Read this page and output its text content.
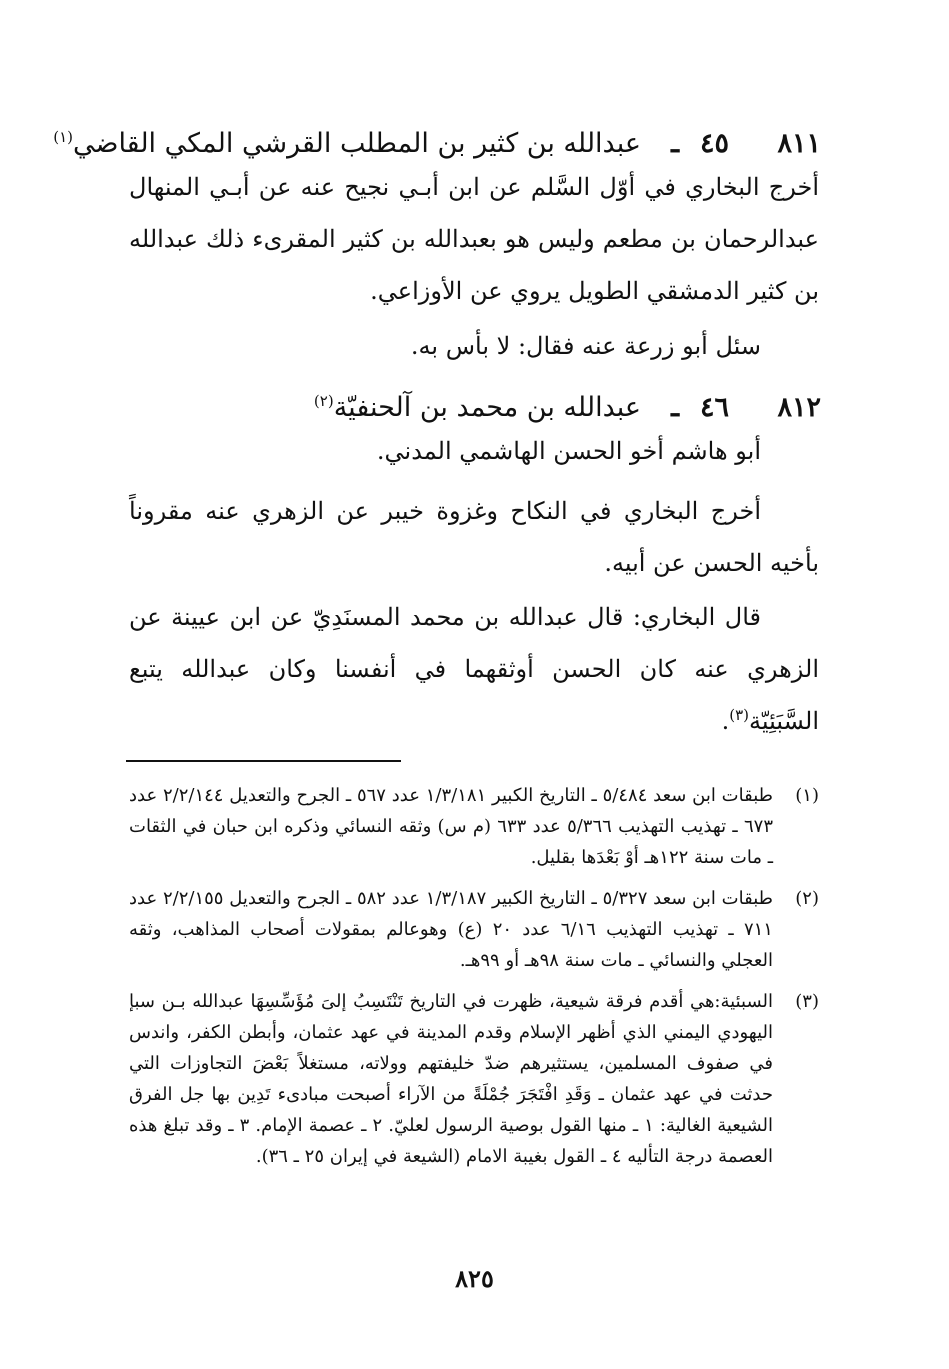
٨١١
٤٥
ـ
عبدالله بن كثير بن المطلب القرشي المكي القاضي$^{(١)}$

أخرج البخاري في أوّل السَّلم عن ابن أبـي نجيح عنه عن أبـي المنهال عبدالرحمان بن مطعم وليس هو بعبدالله بن كثير المقرىء ذلك عبدالله بن كثير الدمشقي الطويل يروي عن الأوزاعي.

سئل أبو زرعة عنه فقال: لا بأس به.

٨١٢
٤٦
ـ
عبدالله بن محمد بن آلحنفيّة$^{(٢)}$

أبو هاشم أخو الحسن الهاشمي المدني.

أخرج البخاري في النكاح وغزوة خيبر عن الزهري عنه مقروناً بأخيه الحسن عن أبيه.

قال البخاري: قال عبدالله بن محمد المسنَدِيّ عن ابن عيينة عن الزهري عنه كان الحسن أوثقهما في أنفسنا وكان عبدالله يتبع السَّبَئِيّة$^{(٣)}$.

(١)
طبقات ابن سعد ٥/٤٨٤ ـ التاريخ الكبير ١/٣/١٨١ عدد ٥٦٧ ـ الجرح والتعديل ٢/٢/١٤٤ عدد ٦٧٣ ـ تهذيب التهذيب ٥/٣٦٦ عدد ٦٣٣ (م س) وثقه النسائي وذكره ابن حبان في الثقات ـ مات سنة ١٢٢هـ أوْ بَعْدَها بقليل.
(٢)
طبقات ابن سعد ٥/٣٢٧ ـ التاريخ الكبير ١/٣/١٨٧ عدد ٥٨٢ ـ الجرح والتعديل ٢/٢/١٥٥ عدد ٧١١ ـ تهذيب التهذيب ٦/١٦ عدد ٢٠ (ع) وهوعالم بمقولات أصحاب المذاهب، وثقه العجلي والنسائي ـ مات سنة ٩٨هـ أو ٩٩هـ.
(٣)
السبئية:هي أقدم فرقة شيعية، ظهرت في التاريخ تَنْتَسِبُ إلىَ مُؤَسِّسِهَا عبدالله بـن سبإ اليهودي اليمني الذي أظهر الإسلام وقدم المدينة في عهد عثمان، وأبطن الكفر، واندس في صفوف المسلمين، يستثيرهم ضدّ خليفتهم وولاته، مستغلاً بَعْضَ التجاوزات التي حدثت في عهد عثمان ـ وَقَدِ افْتَجَرَ جُمْلَةً من الآراء أصبحت مبادىء تَدِين بها جل الفرق الشيعية الغالية: ١ ـ منها القول بوصية الرسول لعليّ. ٢ ـ عصمة الإمام. ٣ ـ وقد تبلغ هذه العصمة درجة التأليه ٤ ـ القول بغيبة الامام (الشيعة في إيران ٢٥ ـ ٣٦).
٨٢٥
